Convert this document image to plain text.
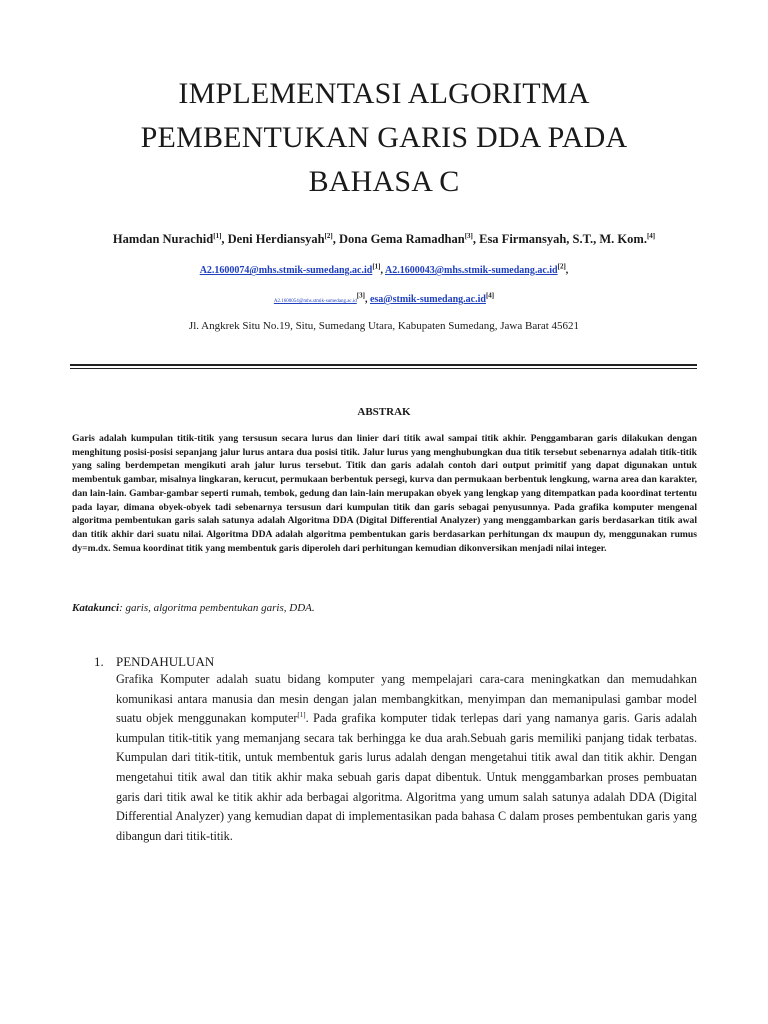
IMPLEMENTASI ALGORITMA
PEMBENTUKAN GARIS DDA PADA
BAHASA C
Hamdan Nurachid[1], Deni Herdiansyah[2], Dona Gema Ramadhan[3], Esa Firmansyah, S.T., M. Kom.[4]
A2.1600074@mhs.stmik-sumedang.ac.id[1], A2.1600043@mhs.stmik-sumedang.ac.id[2],
A2.1600054@mhs.stmik-sumedang.ac.id[3], esa@stmik-sumedang.ac.id[4]
Jl. Angkrek Situ No.19, Situ, Sumedang Utara, Kabupaten Sumedang, Jawa Barat 45621
ABSTRAK
Garis adalah kumpulan titik-titik yang tersusun secara lurus dan linier dari titik awal sampai titik akhir. Penggambaran garis dilakukan dengan menghitung posisi-posisi sepanjang jalur lurus antara dua posisi titik. Jalur lurus yang menghubungkan dua titik tersebut sebenarnya adalah titik-titik yang saling berdempetan mengikuti arah jalur lurus tersebut. Titik dan garis adalah contoh dari output primitif yang dapat digunakan untuk membentuk gambar, misalnya lingkaran, kerucut, permukaan berbentuk persegi, kurva dan permukaan berbentuk lengkung, warna area dan karakter, dan lain-lain. Gambar-gambar seperti rumah, tembok, gedung dan lain-lain merupakan obyek yang lengkap yang ditempatkan pada koordinat tertentu pada layar, dimana obyek-obyek tadi sebenarnya tersusun dari kumpulan titik dan garis sebagai penyusunnya. Pada grafika komputer mengenal algoritma pembentukan garis salah satunya adalah Algoritma DDA (Digital Differential Analyzer) yang menggambarkan garis berdasarkan titik awal dan titik akhir dari suatu nilai. Algoritma DDA adalah algoritma pembentukan garis berdasarkan perhitungan dx maupun dy, menggunakan rumus dy=m.dx. Semua koordinat titik yang membentuk garis diperoleh dari perhitungan kemudian dikonversikan menjadi nilai integer.
Katakunci: garis, algoritma pembentukan garis, DDA.
1. PENDAHULUAN
Grafika Komputer adalah suatu bidang komputer yang mempelajari cara-cara meningkatkan dan memudahkan komunikasi antara manusia dan mesin dengan jalan membangkitkan, menyimpan dan memanipulasi gambar model suatu objek menggunakan komputer[1]. Pada grafika komputer tidak terlepas dari yang namanya garis. Garis adalah kumpulan titik-titik yang memanjang secara tak berhingga ke dua arah.Sebuah garis memiliki panjang tidak terbatas. Kumpulan dari titik-titik, untuk membentuk garis lurus adalah dengan mengetahui titik awal dan titik akhir. Dengan mengetahui titik awal dan titik akhir maka sebuah garis dapat dibentuk. Untuk menggambarkan proses pembuatan garis dari titik awal ke titik akhir ada berbagai algoritma. Algoritma yang umum salah satunya adalah DDA (Digital Differential Analyzer) yang kemudian dapat di implementasikan pada bahasa C dalam proses pembentukan garis yang dibangun dari titik-titik.
